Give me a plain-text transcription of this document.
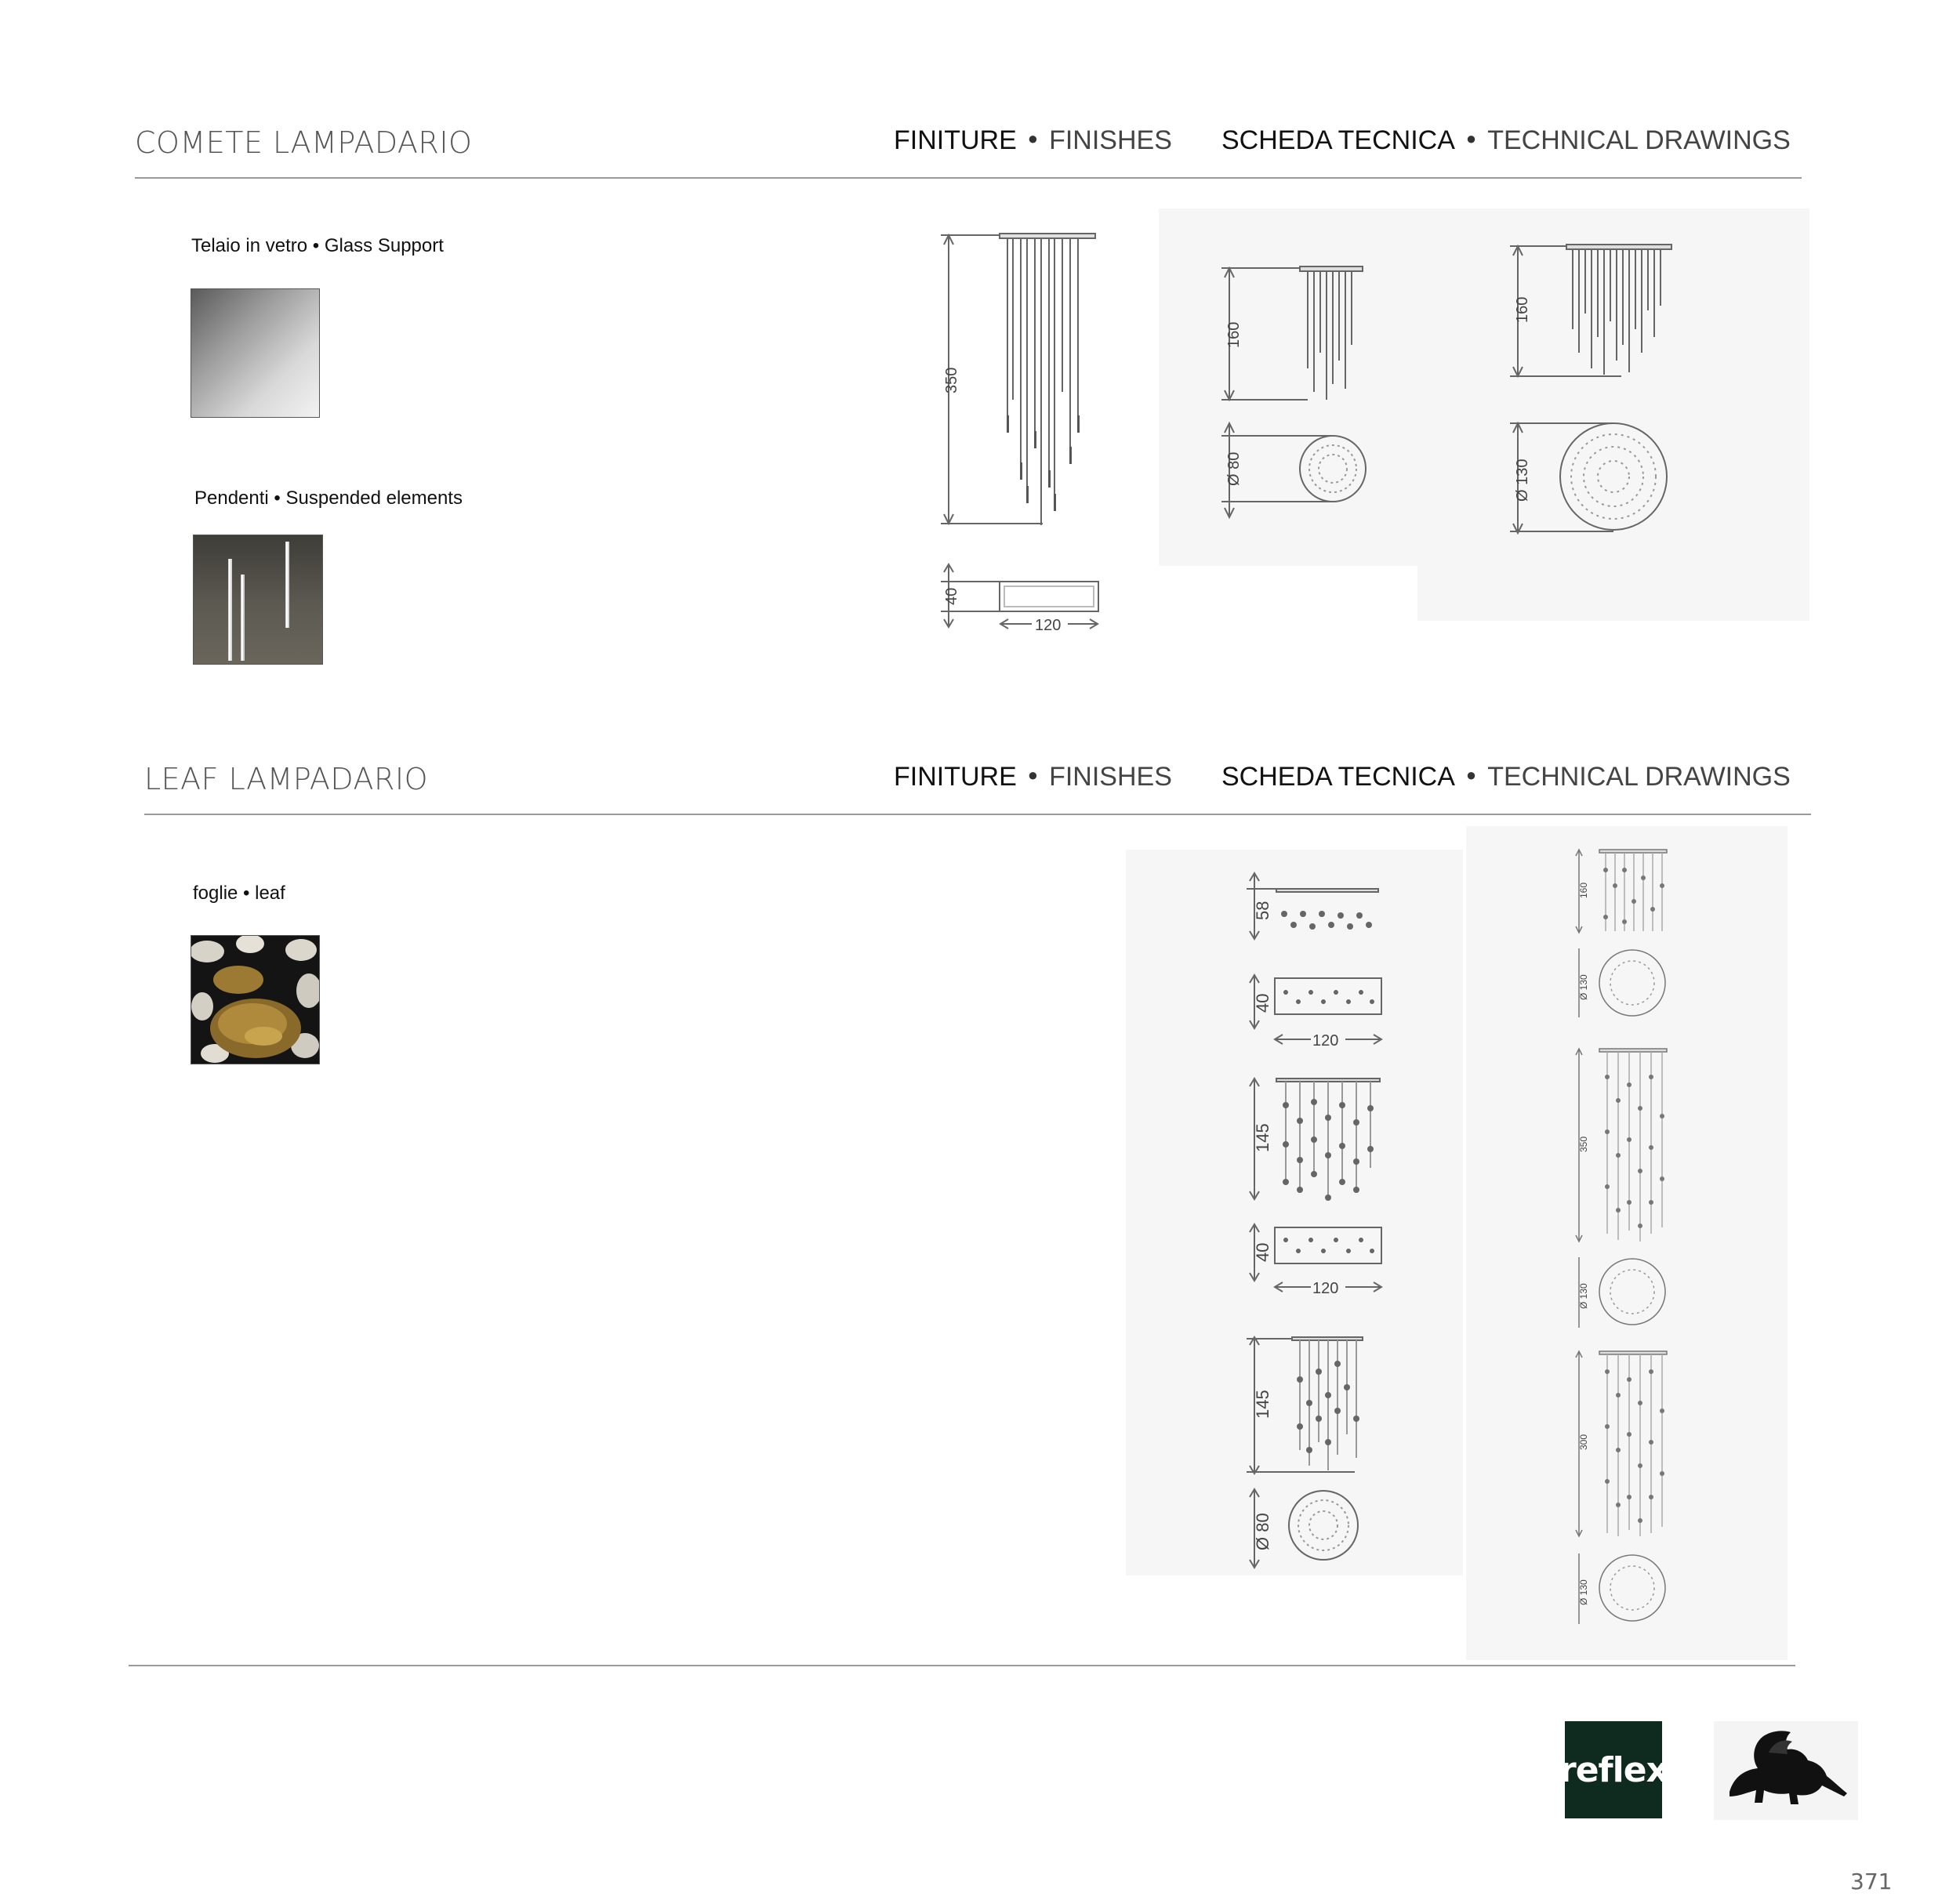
COMETE LAMPADARIO	FINITURE ● FINISHES SCHEDA TECNICA ● TECHNICAL DRAWINGS
Telaio in vetro • Glass Support
Pendenti • Suspended elements
350
40
120
160
Ø 80
160
Ø 130
LEAF LAMPADARIO	FINITURE ● FINISHES SCHEDA TECNICA ● TECHNICAL DRAWINGS
foglie • leaf
58
40
120
145
40
120
145
Ø 80
160
Ø 130
350
Ø 130
300
Ø 130
reflex
371
